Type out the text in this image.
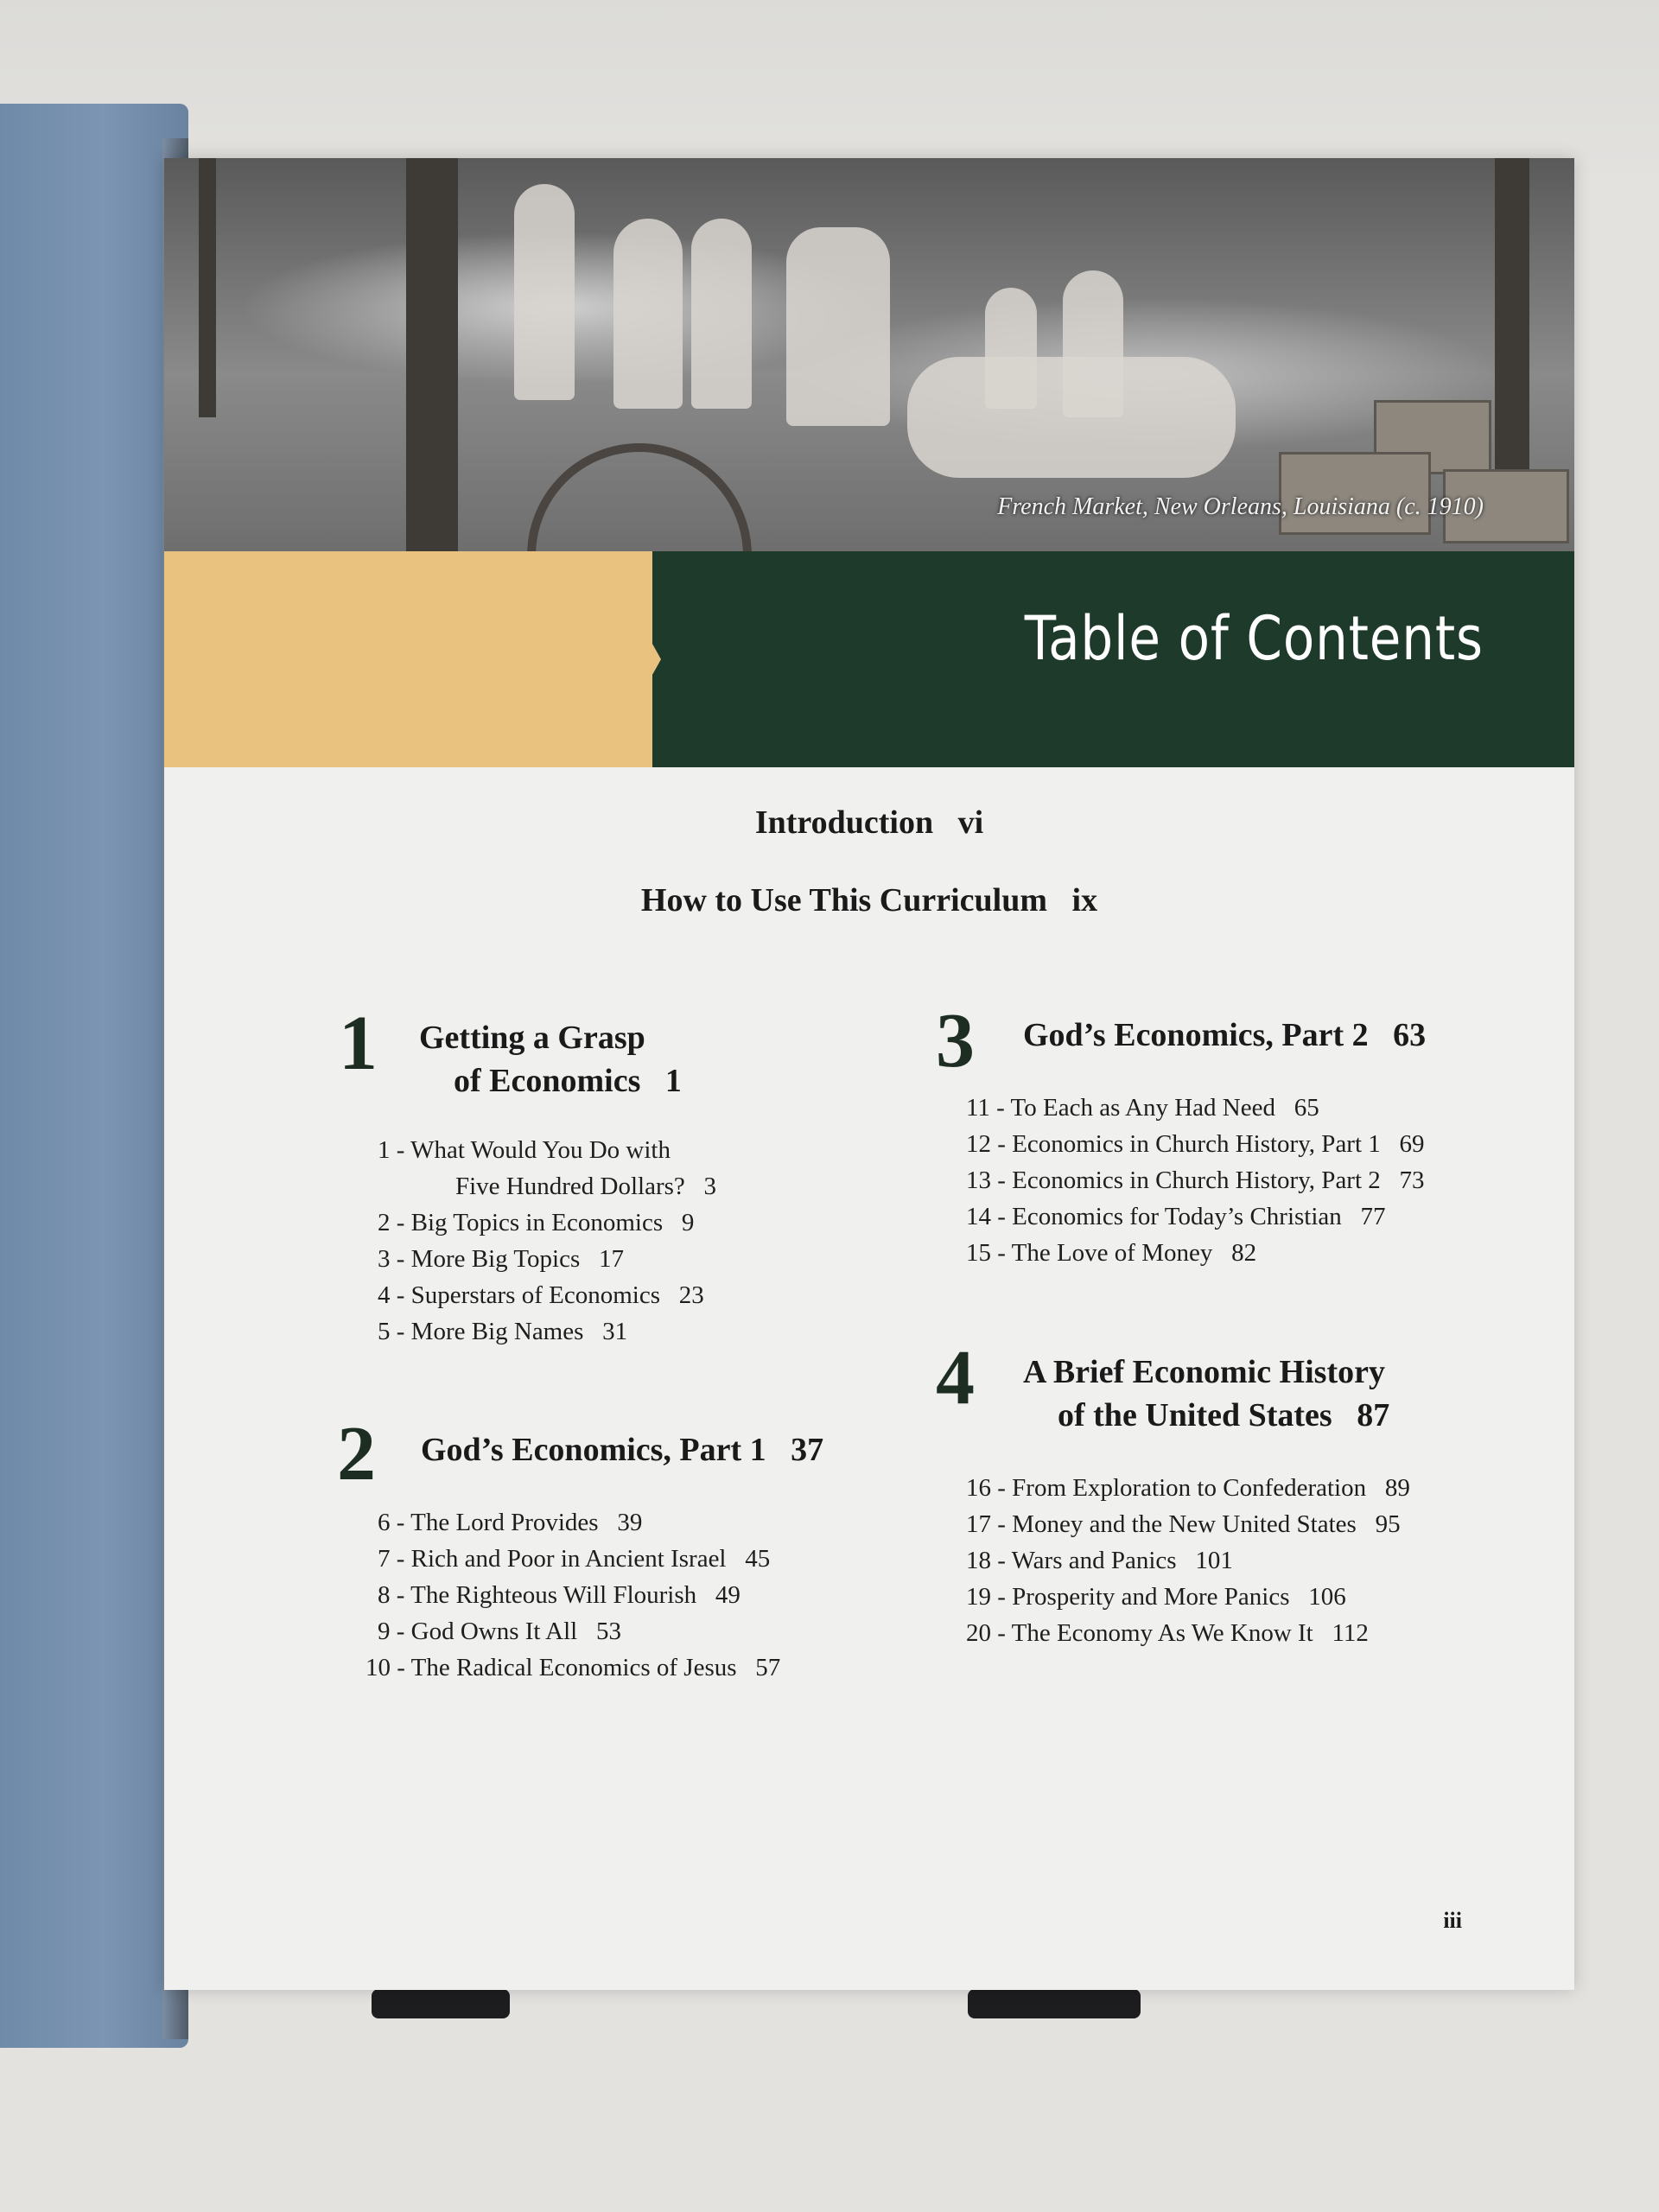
French Market, New Orleans, Louisiana (c. 1910)
Table of Contents
Introduction vi
How to Use This Curriculum ix
1 Getting a Grasp
of Economics 1
1 - What Would You Do with
Five Hundred Dollars? 3
2 - Big Topics in Economics 9
3 - More Big Topics 17
4 - Superstars of Economics 23
5 - More Big Names 31
2 God’s Economics, Part 1 37
6 - The Lord Provides 39
7 - Rich and Poor in Ancient Israel 45
8 - The Righteous Will Flourish 49
9 - God Owns It All 53
10 - The Radical Economics of Jesus 57
3 God’s Economics, Part 2 63
11 - To Each as Any Had Need 65
12 - Economics in Church History, Part 1 69
13 - Economics in Church History, Part 2 73
14 - Economics for Today’s Christian 77
15 - The Love of Money 82
4 A Brief Economic History
of the United States 87
16 - From Exploration to Confederation 89
17 - Money and the New United States 95
18 - Wars and Panics 101
19 - Prosperity and More Panics 106
20 - The Economy As We Know It 112
iii
